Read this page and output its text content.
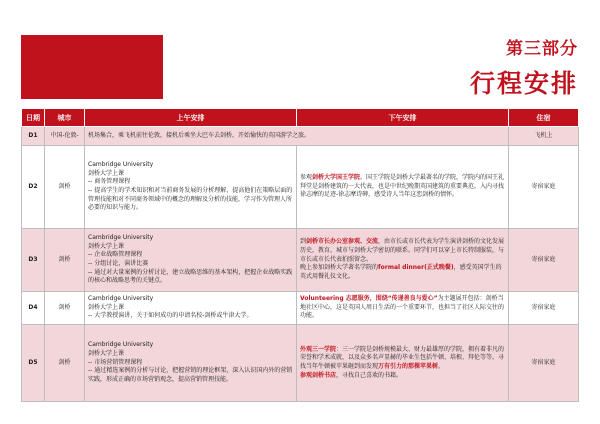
第三部分
行程安排
日期	城市	上午安排	下午安排	住宿
D1	中国-伦敦-	机场集合，乘飞机前往伦敦，接机后乘坐大巴车去剑桥，开始愉快的英国游学之旅。		飞机上
D2	剑桥	Cambridge University
剑桥大学上课
-- 商务管理课程
-- 提高学生的学术知识和对当前商务发展的分析理解，提高他们在策略层面的管理技能和对不同商务领域中的概念的理解及分析的技能，学习作为管理人所必要的知识与能力。	参观剑桥大学国王学院。国王学院是剑桥大学最著名的学院，学院内的国王礼拜堂是剑桥建筑的一大代表，也是中世纪晚期英国建筑的重要典范。入内寻找徐志摩的足迹-徐志摩诗碑，感受诗人当年这恋剑桥的情怀。	寄宿家庭
D3	剑桥	Cambridge University
剑桥大学上课
-- 企业战略管理课程
-- 分组讨论，演讲比赛
-- 通过对大量案例的分析讨论，建立战略思维的基本架构，把握企业战略实践的核心和战略思考的关键点。	到剑桥市长办公室参观、交流，由市长或市长代表为学生演讲剑桥的文化发展历史，教育，城市与剑桥大学密切的联系。同学们可以穿上市长特制服装，与市长或市长代表拍照留念。
晚上参加剑桥大学著名学院的formal dinner(正式晚餐)，感受英国学生的英式用餐礼仪文化。	寄宿家庭
D4	剑桥	Cambridge University
剑桥大学上课
-- 大学教授演讲，关于如何成功的申请名校-剑桥或牛津大学。	Volunteering 志愿服务，围绕“传递善良与爱心”为主题展开包括：剑桥当地社区中心，这是英国人周日生活的一个重要环节，也担当了社区人际交往的功能。	寄宿家庭
D5	剑桥	Cambridge University
剑桥大学上课
-- 市场营销管理课程
-- 通过精选案例的分析与讨论，把握营销的理论框架，深入认识国内外的营销实践，形成正确的市场营销观念，提高营销管理技能。	外观三一学院：三一学院是剑桥规模最大、财力最雄厚的学院，拥有着非凡的荣誉和学术成就，以及众多名声显赫的毕业生包括牛顿、培根、拜伦等等。寻找当年牛顿被苹果砸到而发现万有引力的那棵苹果树。
参观剑桥书店，寻找自己喜欢的书籍。	寄宿家庭
